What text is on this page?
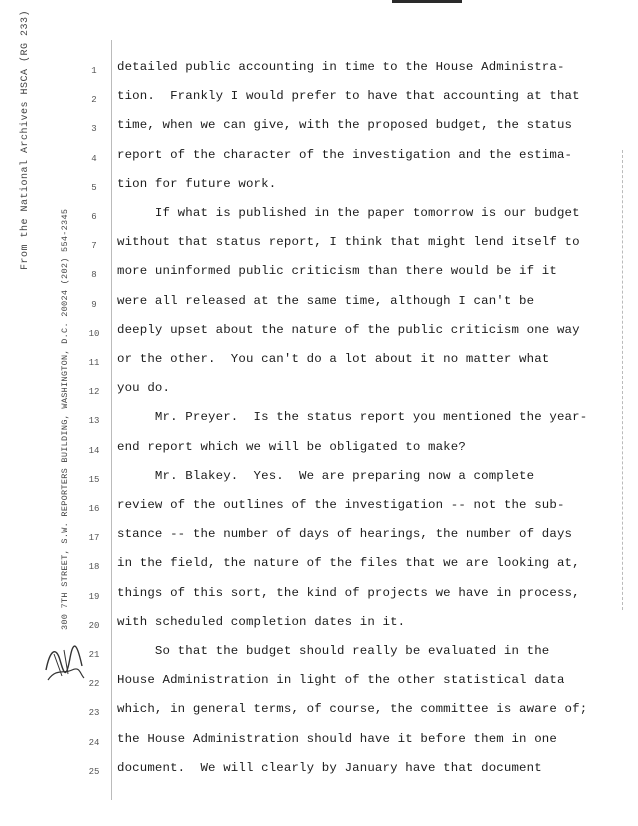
From the National Archives HSCA (RG 233)
300 7TH STREET, S.W. REPORTERS BUILDING, WASHINGTON, D.C. 20024 (202) 554-2345
1
2
3
4
5
6
7
8
9
10
11
12
13
14
15
16
17
18
19
20
21
22
23
24
25
detailed public accounting in time to the House Administra-
tion.  Frankly I would prefer to have that accounting at that
time, when we can give, with the proposed budget, the status
report of the character of the investigation and the estima-
tion for future work.
If what is published in the paper tomorrow is our budget
without that status report, I think that might lend itself to
more uninformed public criticism than there would be if it
were all released at the same time, although I can't be
deeply upset about the nature of the public criticism one way
or the other.  You can't do a lot about it no matter what
you do.
Mr. Preyer.  Is the status report you mentioned the year-
end report which we will be obligated to make?
Mr. Blakey.  Yes.  We are preparing now a complete
review of the outlines of the investigation -- not the sub-
stance -- the number of days of hearings, the number of days
in the field, the nature of the files that we are looking at,
things of this sort, the kind of projects we have in process,
with scheduled completion dates in it.
So that the budget should really be evaluated in the
House Administration in light of the other statistical data
which, in general terms, of course, the committee is aware of;
the House Administration should have it before them in one
document.  We will clearly by January have that document
